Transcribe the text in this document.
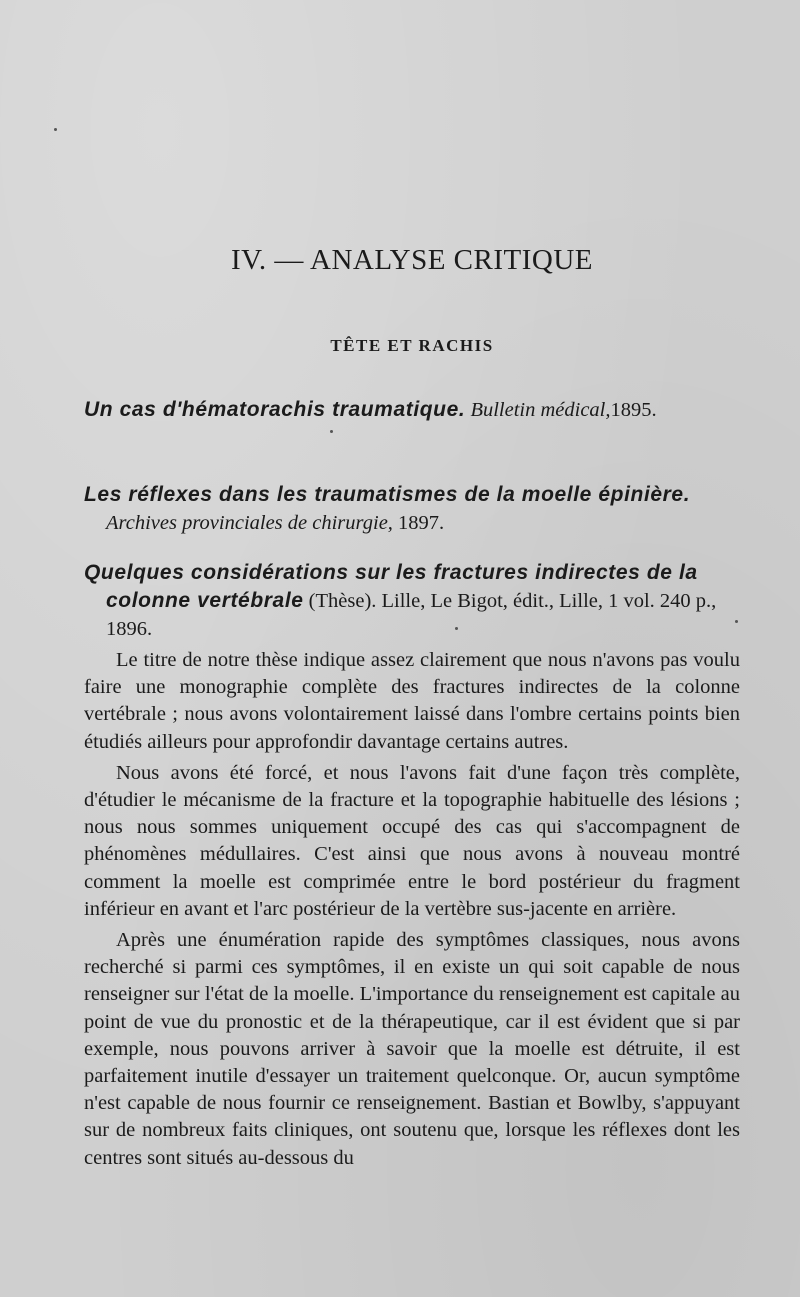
IV. — ANALYSE CRITIQUE
TÊTE ET RACHIS

Un cas d'hématorachis traumatique. Bulletin médical,1895.

Les réflexes dans les traumatismes de la moelle épinière. Archives provinciales de chirurgie, 1897.

Quelques considérations sur les fractures indirectes de la colonne vertébrale (Thèse). Lille, Le Bigot, édit., Lille, 1 vol. 240 p., 1896.

Le titre de notre thèse indique assez clairement que nous n'avons pas voulu faire une monographie complète des fractures indirectes de la colonne vertébrale ; nous avons volontairement laissé dans l'ombre certains points bien étudiés ailleurs pour approfondir davantage certains autres.

Nous avons été forcé, et nous l'avons fait d'une façon très complète, d'étudier le mécanisme de la fracture et la topographie habituelle des lésions ; nous nous sommes uniquement occupé des cas qui s'accompagnent de phénomènes médullaires. C'est ainsi que nous avons à nouveau montré comment la moelle est comprimée entre le bord postérieur du fragment inférieur en avant et l'arc postérieur de la vertèbre sus-jacente en arrière.

Après une énumération rapide des symptômes classiques, nous avons recherché si parmi ces symptômes, il en existe un qui soit capable de nous renseigner sur l'état de la moelle. L'importance du renseignement est capitale au point de vue du pronostic et de la thérapeutique, car il est évident que si par exemple, nous pouvons arriver à savoir que la moelle est détruite, il est parfaitement inutile d'essayer un traitement quelconque. Or, aucun symptôme n'est capable de nous fournir ce renseignement. Bastian et Bowlby, s'appuyant sur de nombreux faits cliniques, ont soutenu que, lorsque les réflexes dont les centres sont situés au-dessous du
